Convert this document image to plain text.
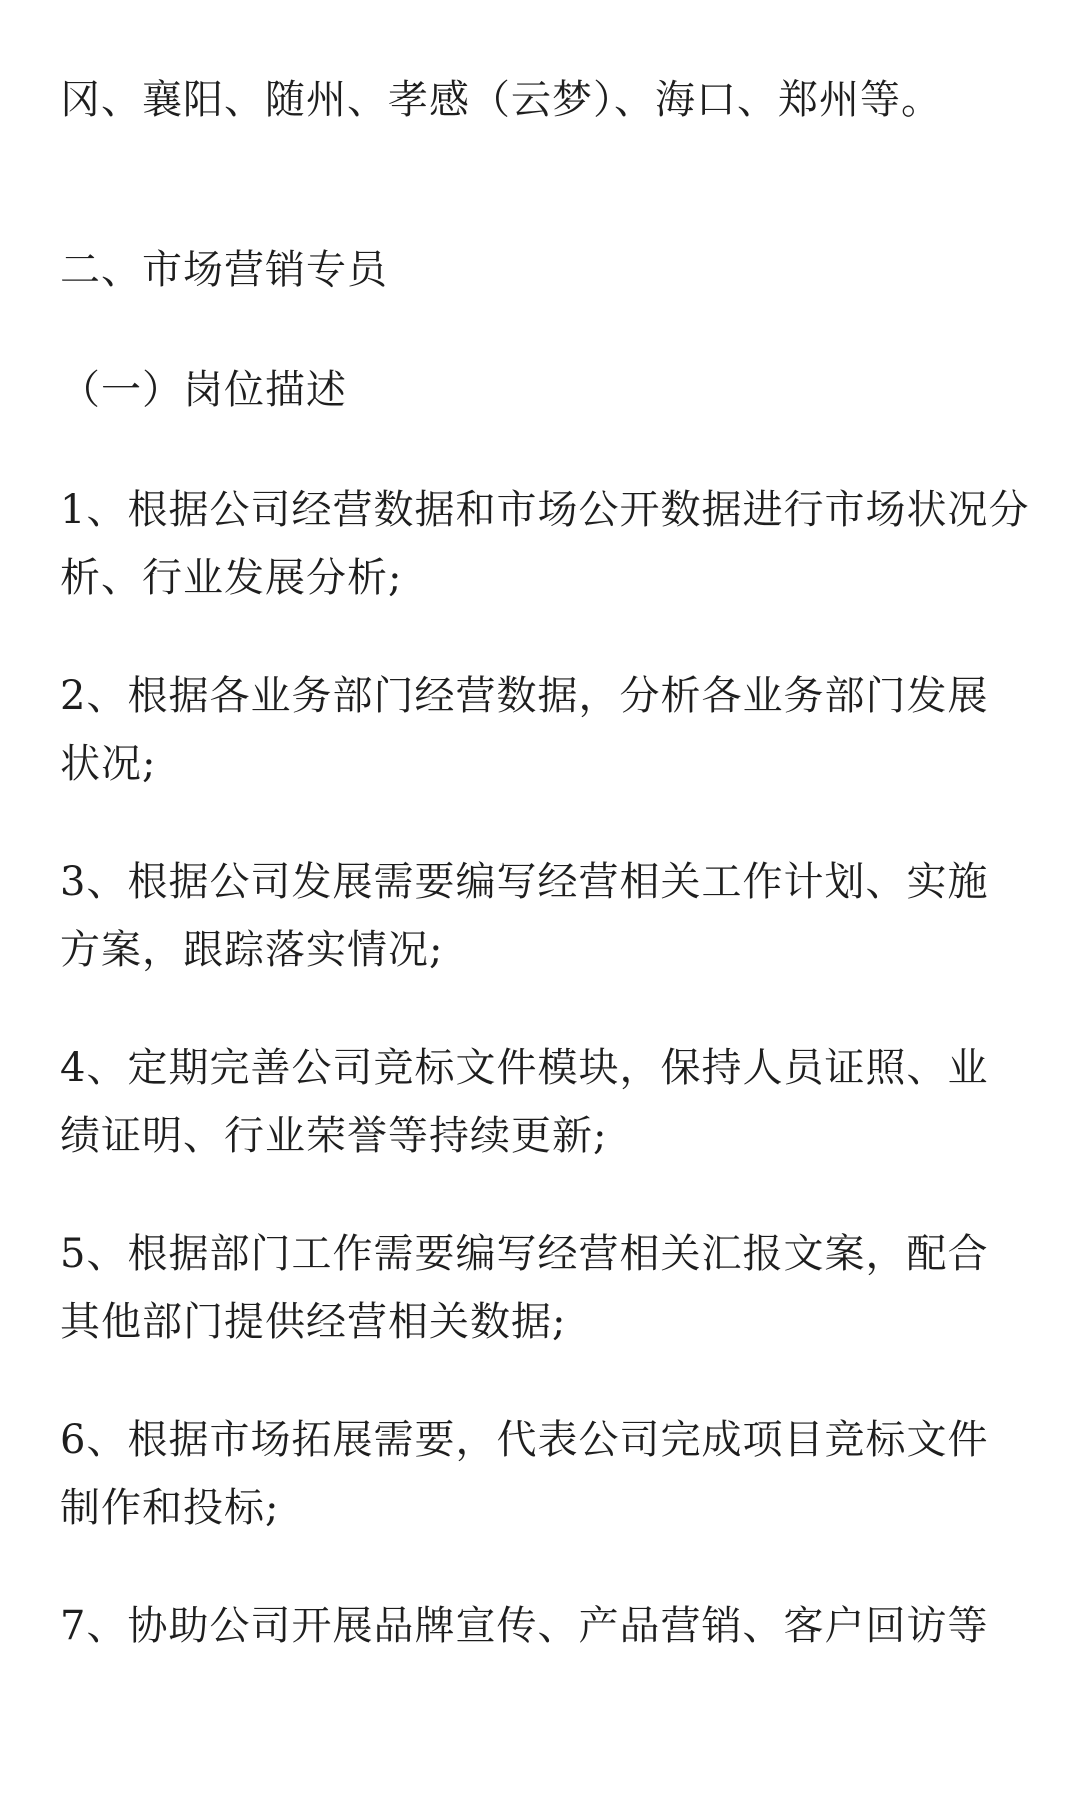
冈、襄阳、随州、孝感（云梦）、海口、郑州等。

二、市场营销专员

（一）岗位描述

1、根据公司经营数据和市场公开数据进行市场状况分

析、行业发展分析;

2、根据各业务部门经营数据，分析各业务部门发展

状况;

3、根据公司发展需要编写经营相关工作计划、实施

方案，跟踪落实情况;

4、定期完善公司竞标文件模块，保持人员证照、业

绩证明、行业荣誉等持续更新;

5、根据部门工作需要编写经营相关汇报文案，配合

其他部门提供经营相关数据;

6、根据市场拓展需要，代表公司完成项目竞标文件

制作和投标;

7、协助公司开展品牌宣传、产品营销、客户回访等
